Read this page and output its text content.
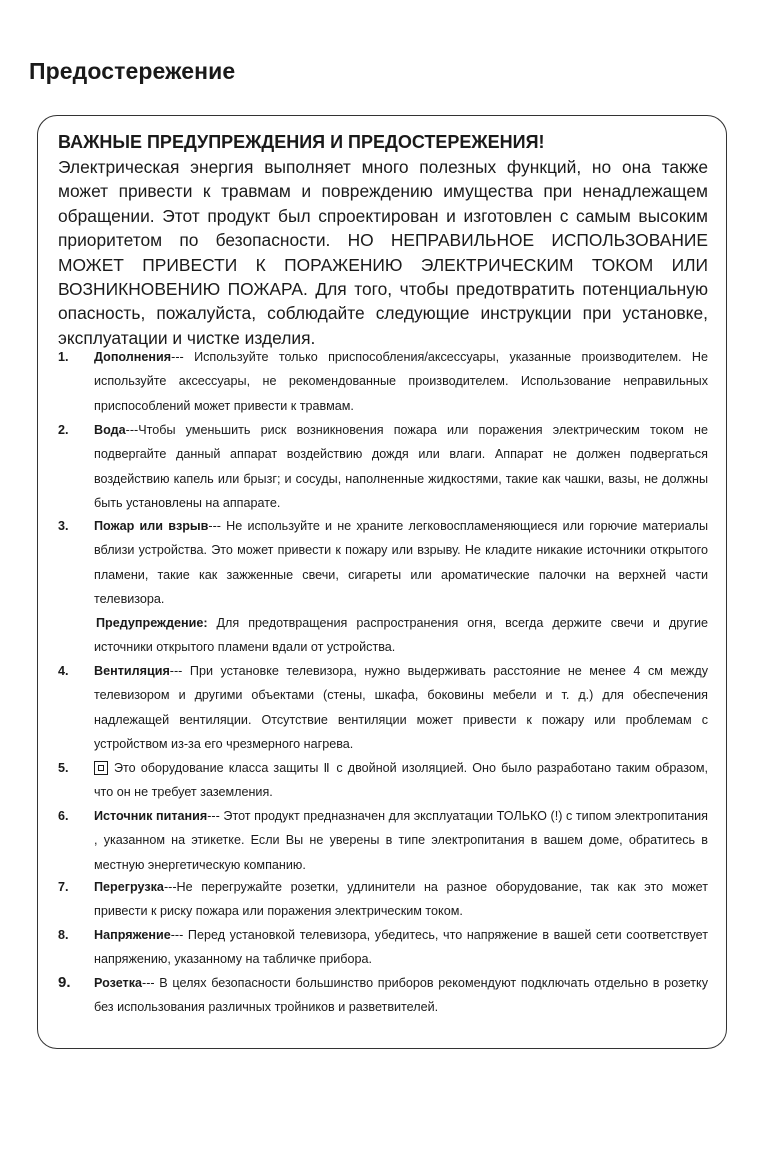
Предостережение
ВАЖНЫЕ ПРЕДУПРЕЖДЕНИЯ И ПРЕДОСТЕРЕЖЕНИЯ!

Электрическая энергия выполняет много полезных функций, но она также может привести к травмам и повреждению имущества при ненадлежащем обращении. Этот продукт был спроектирован и изготовлен с самым высоким приоритетом по безопасности. НО НЕПРАВИЛЬНОЕ ИСПОЛЬЗОВАНИЕ МОЖЕТ ПРИВЕСТИ К ПОРАЖЕНИЮ ЭЛЕКТРИЧЕСКИМ ТОКОМ ИЛИ ВОЗНИКНОВЕНИЮ ПОЖАРА. Для того, чтобы предотвратить потенциальную опасность, пожалуйста, соблюдайте следующие инструкции при установке, эксплуатации и чистке изделия.

1. Дополнения--- Используйте только приспособления/аксессуары, указанные производителем. Не используйте аксессуары, не рекомендованные производителем. Использование неправильных приспособлений может привести к травмам.
2. Вода---Чтобы уменьшить риск возникновения пожара или поражения электрическим током не подвергайте данный аппарат воздействию дождя или влаги. Аппарат не должен подвергаться воздействию капель или брызг; и сосуды, наполненные жидкостями, такие как чашки, вазы, не должны быть установлены на аппарате.
3. Пожар или взрыв--- Не используйте и не храните легковоспламеняющиеся или горючие материалы вблизи устройства. Это может привести к пожару или взрыву. Не кладите никакие источники открытого пламени, такие как зажженные свечи, сигареты или ароматические палочки на верхней части телевизора.
Предупреждение: Для предотвращения распространения огня, всегда держите свечи и другие источники открытого пламени вдали от устройства.
4. Вентиляция--- При установке телевизора, нужно выдерживать расстояние не менее 4 см между телевизором и другими объектами (стены, шкафа, боковины мебели и т. д.) для обеспечения надлежащей вентиляции. Отсутствие вентиляции может привести к пожару или проблемам с устройством из-за его чрезмерного нагрева.
5.	Это оборудование класса защиты Ⅱ с двойной изоляцией. Оно было разработано таким образом, что он не требует заземления.
6. Источник питания--- Этот продукт предназначен для эксплуатации ТОЛЬКО (!) с типом электропитания , указанном на этикетке. Если Вы не уверены в типе электропитания в вашем доме, обратитесь в местную энергетическую компанию.
7. Перегрузка---Не перегружайте розетки, удлинители на разное оборудование, так как это может привести к риску пожара или поражения электрическим током.
8. Напряжение--- Перед установкой телевизора, убедитесь, что напряжение в вашей сети соответствует напряжению, указанному на табличке прибора.
9. Розетка--- В целях безопасности большинство приборов рекомендуют подключать отдельно в розетку без использования различных тройников и разветвителей.
